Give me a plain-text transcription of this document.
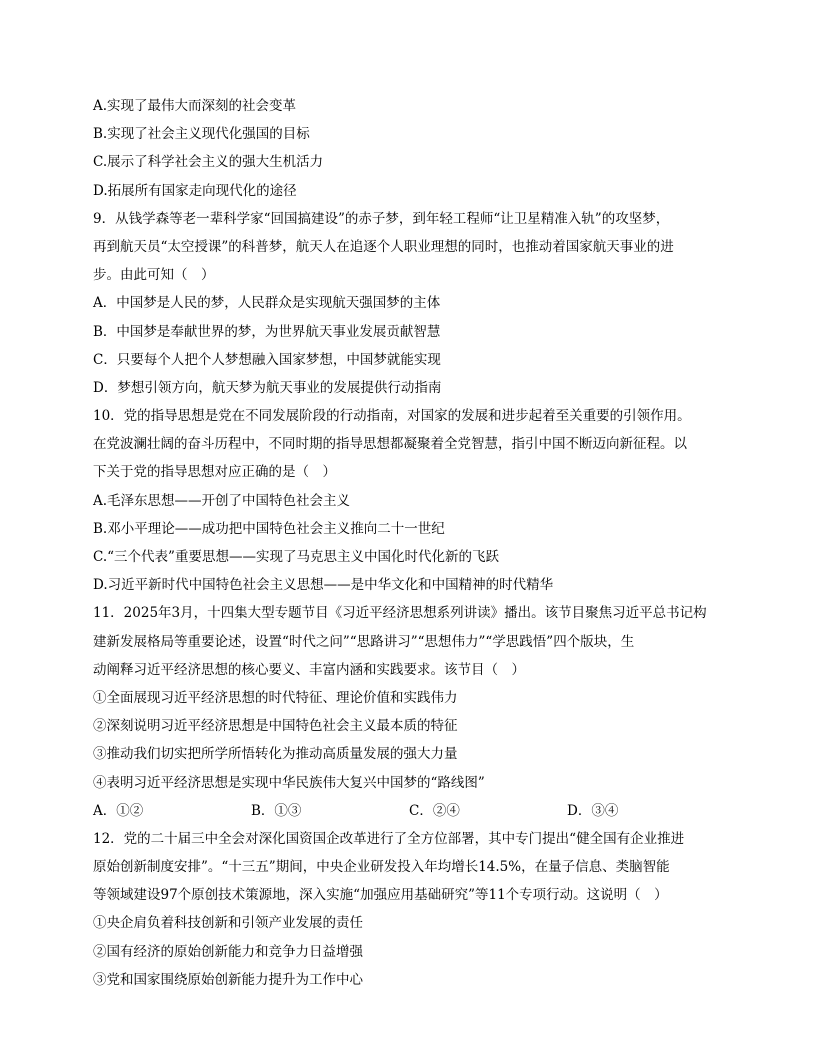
A.实现了最伟大而深刻的社会变革
B.实现了社会主义现代化强国的目标
C.展示了科学社会主义的强大生机活力
D.拓展所有国家走向现代化的途径
9．从钱学森等老一辈科学家“回国搞建设”的赤子梦，到年轻工程师“让卫星精准入轨”的攻坚梦，
再到航天员“太空授课”的科普梦，航天人在追逐个人职业理想的同时，也推动着国家航天事业的进
步。由此可知（　）
A．中国梦是人民的梦，人民群众是实现航天强国梦的主体
B．中国梦是奉献世界的梦，为世界航天事业发展贡献智慧
C．只要每个人把个人梦想融入国家梦想，中国梦就能实现
D．梦想引领方向，航天梦为航天事业的发展提供行动指南
10．党的指导思想是党在不同发展阶段的行动指南，对国家的发展和进步起着至关重要的引领作用。
在党波澜壮阔的奋斗历程中，不同时期的指导思想都凝聚着全党智慧，指引中国不断迈向新征程。以
下关于党的指导思想对应正确的是（　）
A.毛泽东思想——开创了中国特色社会主义
B.邓小平理论——成功把中国特色社会主义推向二十一世纪
C.“三个代表”重要思想——实现了马克思主义中国化时代化新的飞跃
D.习近平新时代中国特色社会主义思想——是中华文化和中国精神的时代精华
11．2025年3月，十四集大型专题节目《习近平经济思想系列讲读》播出。该节目聚焦习近平总书记构
建新发展格局等重要论述，设置“时代之问”“思路讲习”“思想伟力”“学思践悟”四个版块，生
动阐释习近平经济思想的核心要义、丰富内涵和实践要求。该节目（　）
①全面展现习近平经济思想的时代特征、理论价值和实践伟力
②深刻说明习近平经济思想是中国特色社会主义最本质的特征
③推动我们切实把所学所悟转化为推动高质量发展的强大力量
④表明习近平经济思想是实现中华民族伟大复兴中国梦的“路线图”
A．①②	B．①③	C．②④	D．③④
12．党的二十届三中全会对深化国资国企改革进行了全方位部署，其中专门提出“健全国有企业推进
原始创新制度安排”。“十三五”期间，中央企业研发投入年均增长14.5%，在量子信息、类脑智能
等领域建设97个原创技术策源地，深入实施“加强应用基础研究”等11个专项行动。这说明（　）
①央企肩负着科技创新和引领产业发展的责任
②国有经济的原始创新能力和竞争力日益增强
③党和国家围绕原始创新能力提升为工作中心
